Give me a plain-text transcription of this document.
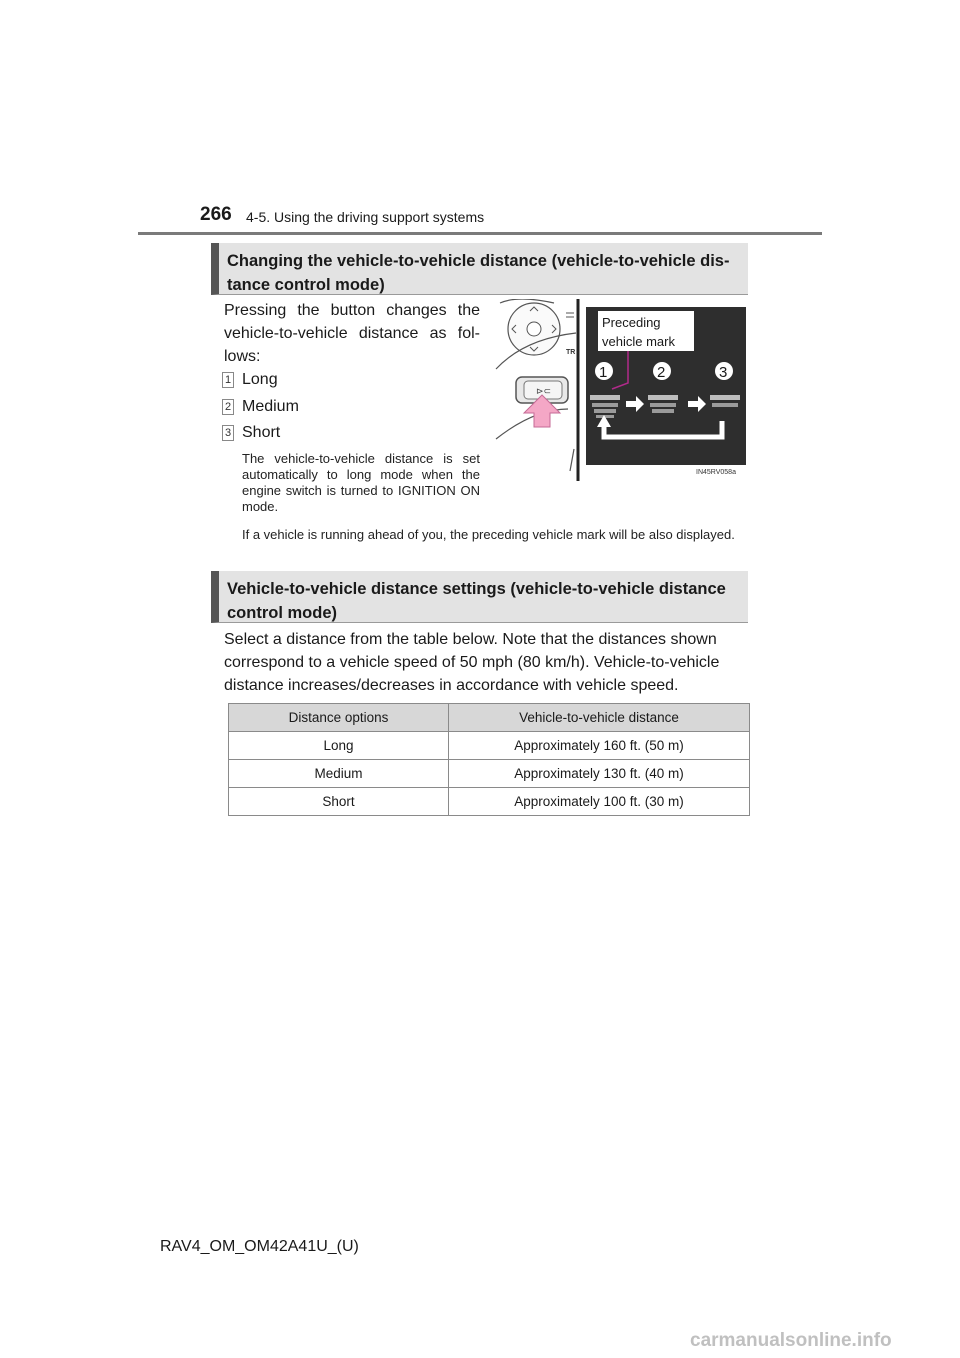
266 4-5. Using the driving support systems
Changing the vehicle-to-vehicle distance (vehicle-to-vehicle dis-tance control mode)
Pressing the button changes the vehicle-to-vehicle distance as fol-lows:
1 Long
2 Medium
3 Short
The vehicle-to-vehicle distance is set automatically to long mode when the engine switch is turned to IGNITION ON mode.
TR
⊳⊂
Preceding
vehicle mark
1	2	3
IN45RV058a
If a vehicle is running ahead of you, the preceding vehicle mark will be also displayed.
Vehicle-to-vehicle distance settings (vehicle-to-vehicle distance control mode)
Select a distance from the table below. Note that the distances shown correspond to a vehicle speed of 50 mph (80 km/h). Vehicle-to-vehicle distance increases/decreases in accordance with vehicle speed.
Distance options	Vehicle-to-vehicle distance
Long	Approximately 160 ft. (50 m)
Medium	Approximately 130 ft. (40 m)
Short	Approximately 100 ft. (30 m)
RAV4_OM_OM42A41U_(U)
carmanualsonline.info
